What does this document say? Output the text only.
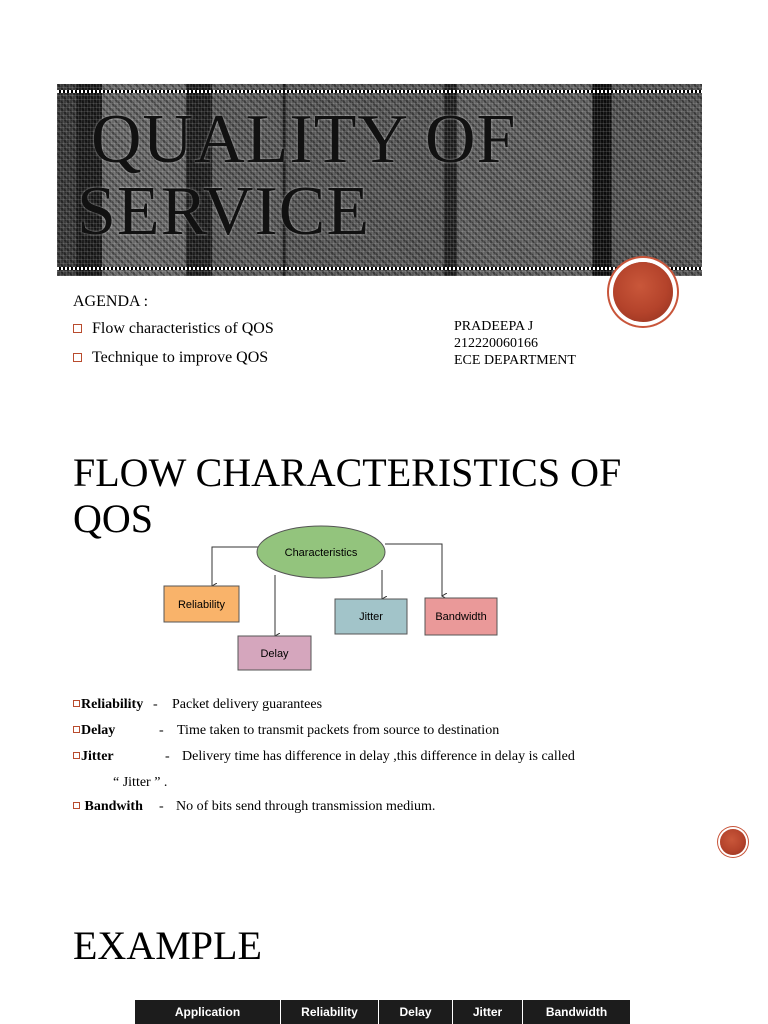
QUALITY OF
SERVICE
AGENDA :
Flow characteristics of QOS
Technique to improve QOS
PRADEEPA J
212220060166
ECE DEPARTMENT
FLOW CHARACTERISTICS OF
QOS
Characteristics
Reliability
Delay
Jitter	Bandwidth
Reliability - Packet delivery guarantees
Delay	- Time taken to transmit packets from source to destination
Jitter	- Delivery time has difference in delay ,this difference in delay is called
Bandwith - No of bits send through transmission medium.
“ Jitter ” .
EXAMPLE
Application	Reliability	Delay	Jitter	Bandwidth
